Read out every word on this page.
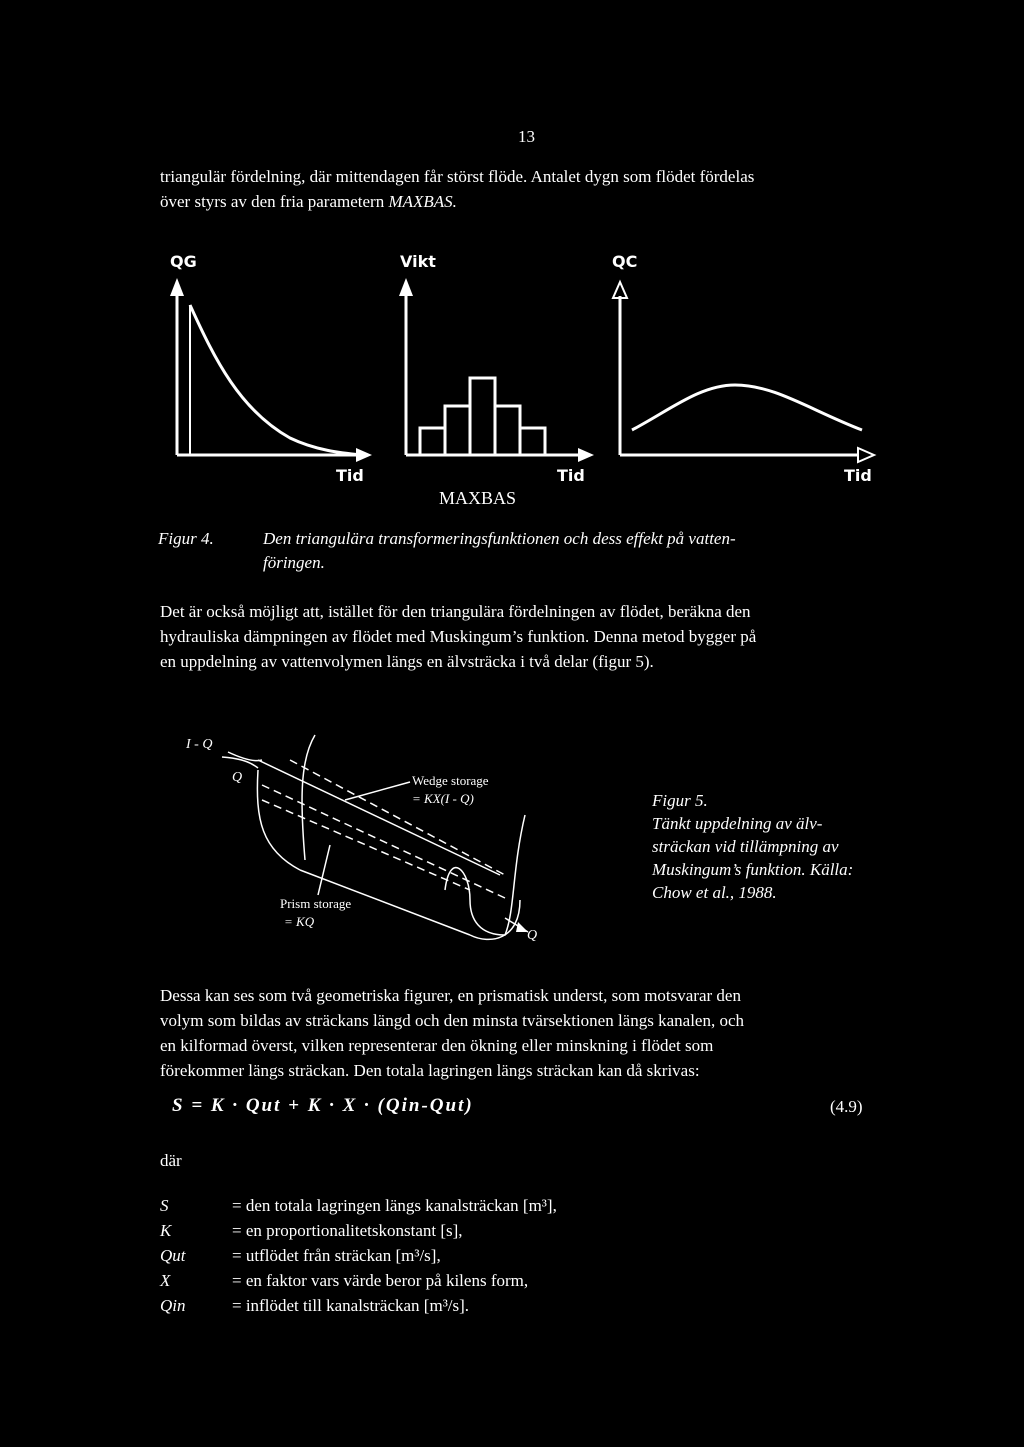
13
triangulär fördelning, där mittendagen får störst flöde. Antalet dygn som flödet fördelas
över styrs av den fria parametern MAXBAS.
QG	Vikt	QC
Tid	Tid	Tid
MAXBAS
Figur 4.	Den triangulära transformeringsfunktionen och dess effekt på vatten-
föringen.
Det är också möjligt att, istället för den triangulära fördelningen av flödet, beräkna den
hydrauliska dämpningen av flödet med Muskingum’s funktion. Denna metod bygger på
en uppdelning av vattenvolymen längs en älvsträcka i två delar (figur 5).
I - Q
Q	Wedge storage
= KX(I - Q)
Prism storage
= KQ
Q
Figur 5.
Tänkt uppdelning av älv-
sträckan vid tillämpning av
Muskingum’s funktion. Källa:
Chow et al., 1988.
Dessa kan ses som två geometriska figurer, en prismatisk underst, som motsvarar den
volym som bildas av sträckans längd och den minsta tvärsektionen längs kanalen, och
en kilformad överst, vilken representerar den ökning eller minskning i flödet som
förekommer längs sträckan. Den totala lagringen längs sträckan kan då skrivas:
S = K · Qut + K · X · (Qin-Qut)	(4.9)
där
S	= den totala lagringen längs kanalsträckan [m³],
K	= en proportionalitetskonstant [s],
Qut	= utflödet från sträckan [m³/s],
X	= en faktor vars värde beror på kilens form,
Qin	= inflödet till kanalsträckan [m³/s].
